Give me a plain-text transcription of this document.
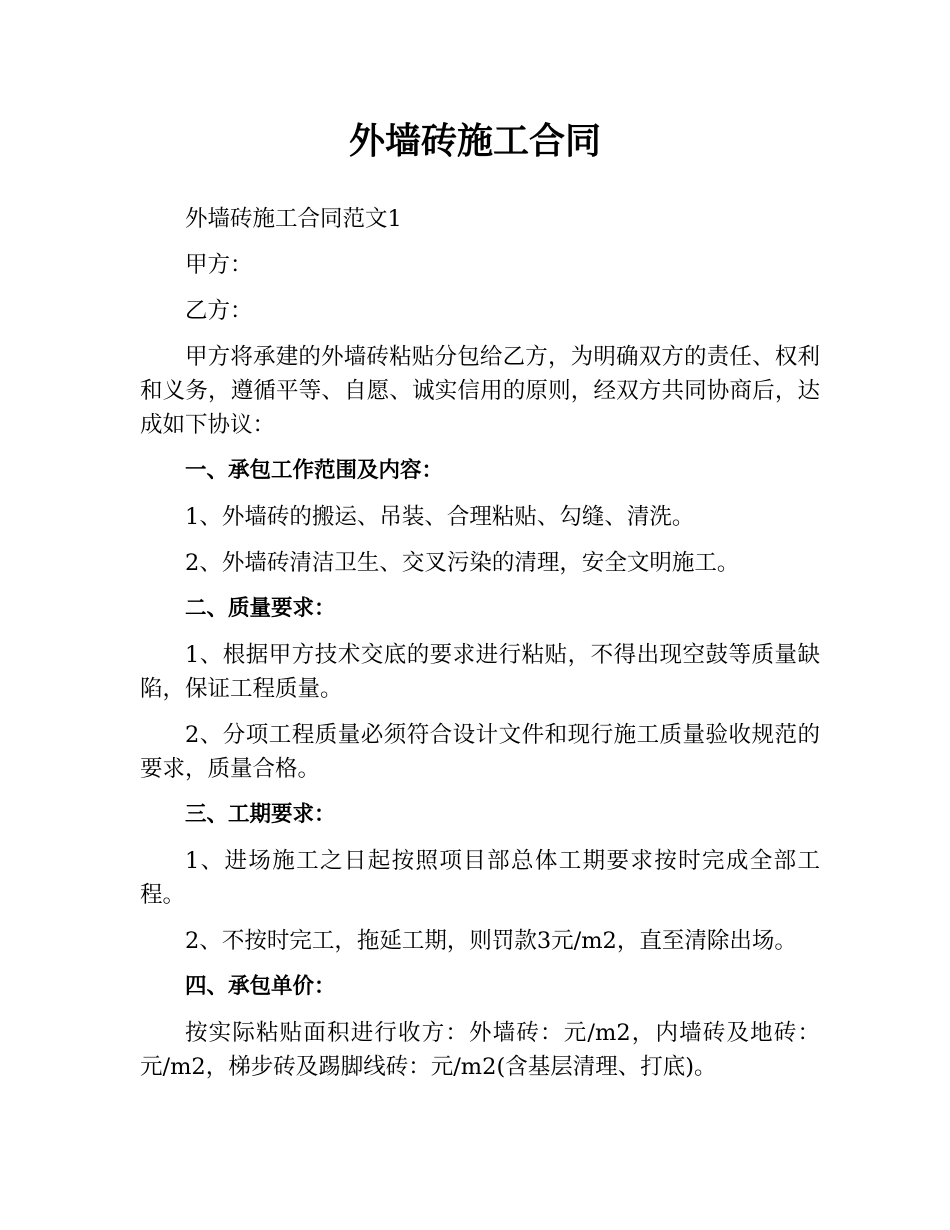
外墙砖施工合同

外墙砖施工合同范文1

甲方：

乙方：

甲方将承建的外墙砖粘贴分包给乙方，为明确双方的责任、权利和义务，遵循平等、自愿、诚实信用的原则，经双方共同协商后，达成如下协议：

一、承包工作范围及内容：

1、外墙砖的搬运、吊装、合理粘贴、勾缝、清洗。

2、外墙砖清洁卫生、交叉污染的清理，安全文明施工。

二、质量要求：

1、根据甲方技术交底的要求进行粘贴，不得出现空鼓等质量缺陷，保证工程质量。

2、分项工程质量必须符合设计文件和现行施工质量验收规范的要求，质量合格。

三、工期要求：

1、进场施工之日起按照项目部总体工期要求按时完成全部工程。

2、不按时完工，拖延工期，则罚款3元/m2，直至清除出场。

四、承包单价：

按实际粘贴面积进行收方：外墙砖：元/m2，内墙砖及地砖：元/m2，梯步砖及踢脚线砖：元/m2(含基层清理、打底)。
